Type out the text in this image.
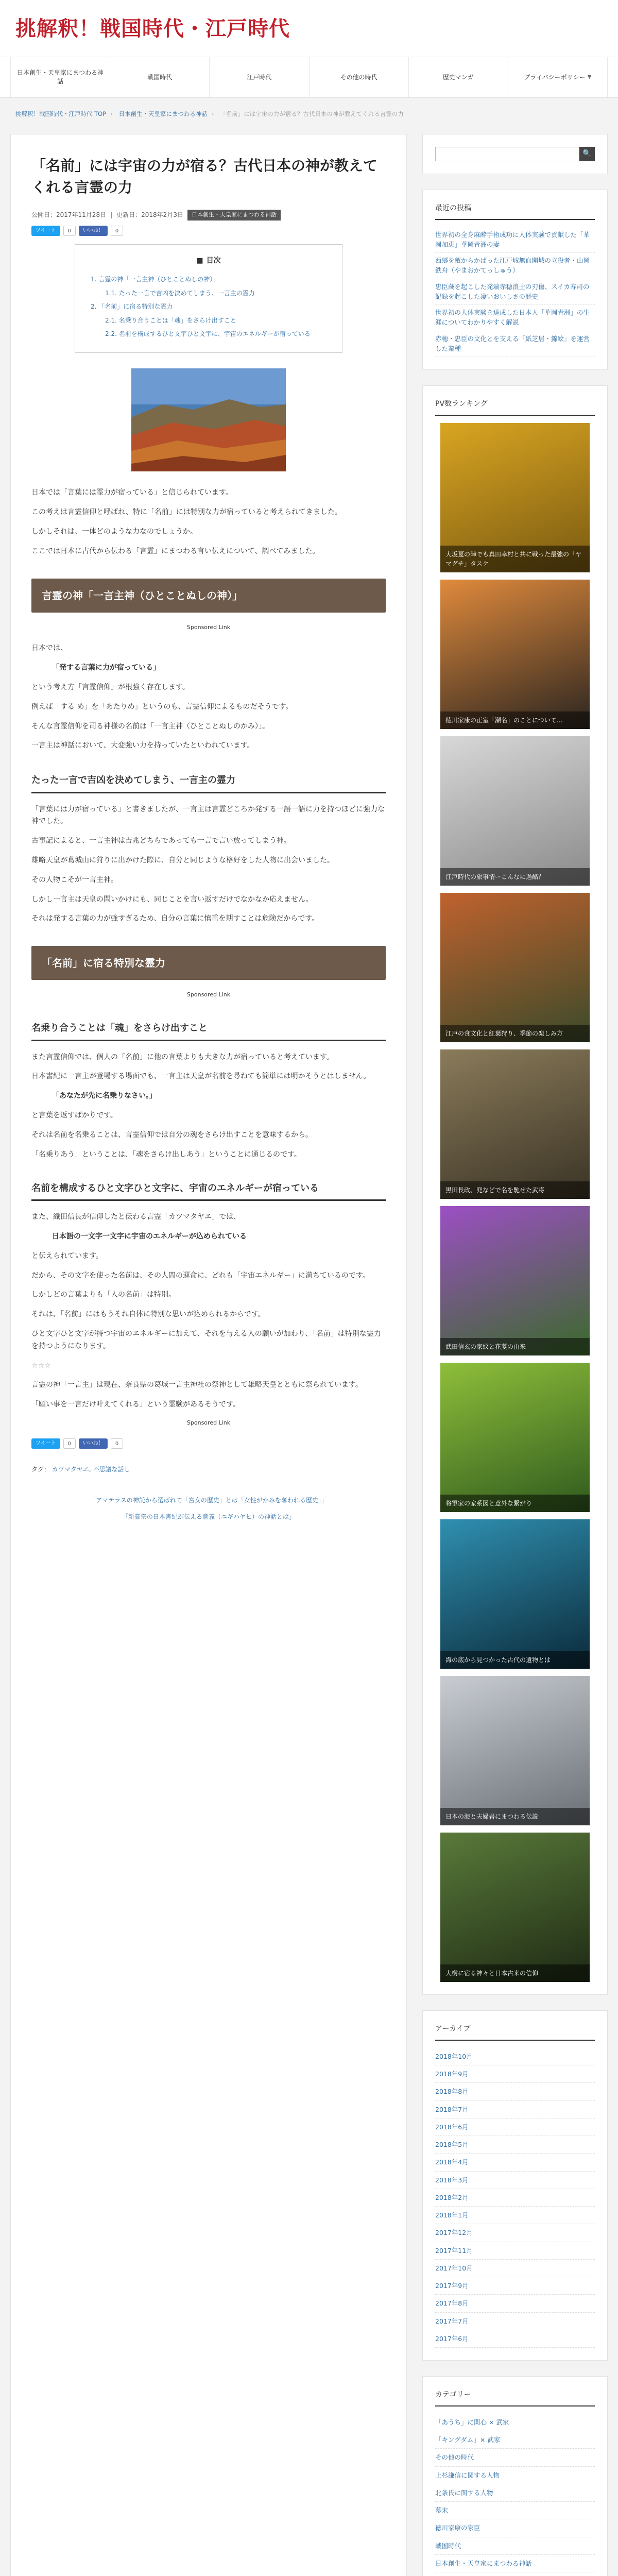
挑解釈！戦国時代・江戸時代
日本創生・天皇家にまつわる神話
戦国時代	江戸時代	その他の時代	歴史マンガ	プライバシーポリシー ▼
挑解釈！戦国時代・江戸時代 TOP › 日本創生・天皇家にまつわる神話 › 「名前」には宇宙の力が宿る？古代日本の神が教えてくれる言霊の力
「名前」には宇宙の力が宿る？古代日本の神が教えてくれる言霊の力
公開日：2017年11月28日 | 更新日：2018年2月3日	日本創生・天皇家にまつわる神話
ツイート	0	いいね！	0
■ 目次
1. 言霊の神「一言主神（ひとことぬしの神）」
1.1. たった一言で吉凶を決めてしまう、一言主の霊力
2. 「名前」に宿る特別な霊力
2.1. 名乗り合うことは「魂」をさらけ出すこと
2.2. 名前を構成するひと文字ひと文字に、宇宙のエネルギーが宿っている

日本では「言葉には霊力が宿っている」と信じられています。

この考えは言霊信仰と呼ばれ、特に「名前」には特別な力が宿っていると考えられてきました。

しかしそれは、一体どのような力なのでしょうか。

ここでは日本に古代から伝わる「言霊」にまつわる言い伝えについて、調べてみました。

言霊の神「一言主神（ひとことぬしの神）」
Sponsored Link

日本では、

「発する言葉に力が宿っている」

という考え方「言霊信仰」が根強く存在します。

例えば「する め」を「あたりめ」というのも、言霊信仰によるものだそうです。

そんな言霊信仰を司る神様の名前は「一言主神（ひとことぬしのかみ）」。

一言主は神話において、大変強い力を持っていたといわれています。

たった一言で吉凶を決めてしまう、一言主の霊力

「言葉には力が宿っている」と書きましたが、一言主は言霊どころか発する一語一語に力を持つほどに強力な神でした。

古事記によると、一言主神は吉兆どちらであっても一言で言い放ってしまう神。

雄略天皇が葛城山に狩りに出かけた際に、自分と同じような格好をした人物に出会いました。

その人物こそが一言主神。

しかし一言主は天皇の問いかけにも、同じことを言い返すだけでなかなか応えません。

それは発する言葉の力が強すぎるため、自分の言葉に慎重を期すことは危険だからです。

「名前」に宿る特別な霊力
Sponsored Link
名乗り合うことは「魂」をさらけ出すこと

また言霊信仰では、個人の「名前」に他の言葉よりも大きな力が宿っていると考えています。

日本書紀に一言主が登場する場面でも、一言主は天皇が名前を尋ねても簡単には明かそうとはしません。

「あなたが先に名乗りなさい。」

と言葉を返すばかりです。

それは名前を名乗ることは、言霊信仰では自分の魂をさらけ出すことを意味するから。

「名乗りあう」ということは、「魂をさらけ出しあう」ということに通じるのです。

名前を構成するひと文字ひと文字に、宇宙のエネルギーが宿っている

また、織田信長が信仰したと伝わる言霊「カツマタヤエ」では、

日本語の一文字一文字に宇宙のエネルギーが込められている

と伝えられています。

だから、その文字を使った名前は、その人間の運命に、どれも「宇宙エネルギー」に満ちているのです。

しかしどの言葉よりも「人の名前」は特別。

それは、「名前」にはもうそれ自体に特別な思いが込められるからです。

ひと文字ひと文字が持つ宇宙のエネルギーに加えて、それを与える人の願いが加わり、「名前」は特別な霊力を持つようになります。

☆☆☆

言霊の神「一言主」は現在、奈良県の葛城一言主神社の祭神として雄略天皇とともに祭られています。

「願い事を一言だけ叶えてくれる」という霊験があるそうです。

Sponsored Link
ツイート	0	いいね！	0
タグ： カツマタヤエ, 不思議な話し
「アマテラスの神託から選ばれて「宮女の歴史」とは「女性がかみを奪われる歴史」」
「新嘗祭の日本書紀が伝える意義（ニギハヤヒ）の神話とは」
🔍
最近の投稿
世界初の全身麻酔手術成功に人体実験で貢献した「華岡加恵」華岡青洲の妻
西郷を敵からかばった江戸城無血開城の立役者・山岡鉄舟（やまおかてっしゅう）
忠臣蔵を起こした発端赤穂浪士の刃傷、スイカ寿司の記録を起こした凄いおいしさの歴史
世界初の人体実験を達成した日本人「華岡青洲」の生涯についてわかりやすく解説
赤穂・忠臣の文化とを支える「紙芝居・錦絵」を運営した業種
PV数ランキング
大坂夏の陣でも真田幸村と共に戦った最強の「ヤマグチ」タスケ
徳川家康の正室「瀬名」のことについて…
江戸時代の旅事情ーこんなに過酷？
江戸の食文化と紅葉狩り、季節の楽しみ方
黒田長政、兜などで名を馳せた武将
武田信玄の家紋と花菱の由来
将軍家の家系図と意外な繋がり
海の底から見つかった古代の遺物とは
日本の海と夫婦岩にまつわる伝説
大樹に宿る神々と日本古来の信仰
アーカイブ
2018年10月
2018年9月
2018年8月
2018年7月
2018年6月
2018年5月
2018年4月
2018年3月
2018年2月
2018年1月
2017年12月
2017年11月
2017年10月
2017年9月
2017年8月
2017年7月
2017年6月
カテゴリー
「あうち」に関心 × 武家
「キングダム」× 武家
その他の時代
上杉謙信に関する人物
北条氏に関する人物
幕末
徳川家康の家臣
戦国時代
日本創生・天皇家にまつわる神話
